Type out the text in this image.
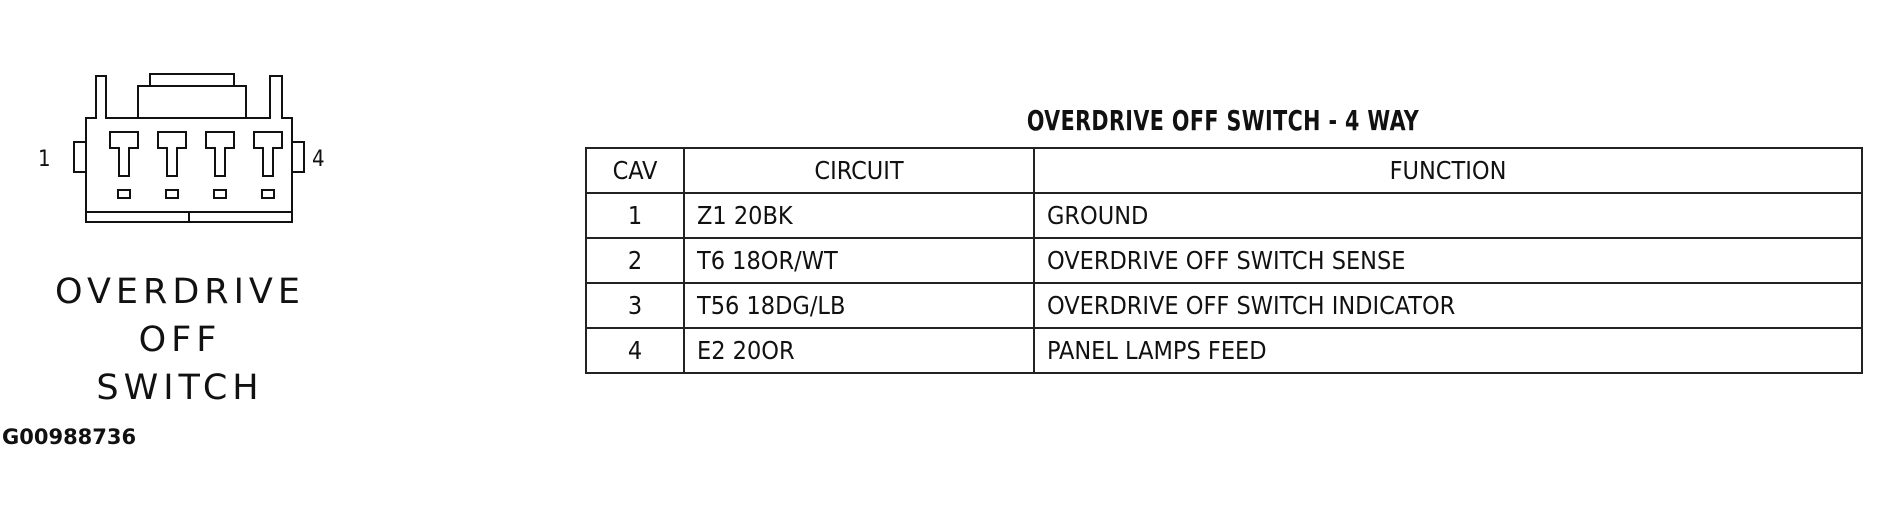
1	4
OVERDRIVE
OFF
SWITCH
G00988736
OVERDRIVE OFF SWITCH - 4 WAY
CAV	CIRCUIT	FUNCTION
1	Z1 20BK	GROUND
2	T6 18OR/WT	OVERDRIVE OFF SWITCH SENSE
3	T56 18DG/LB	OVERDRIVE OFF SWITCH INDICATOR
4	E2 20OR	PANEL LAMPS FEED
